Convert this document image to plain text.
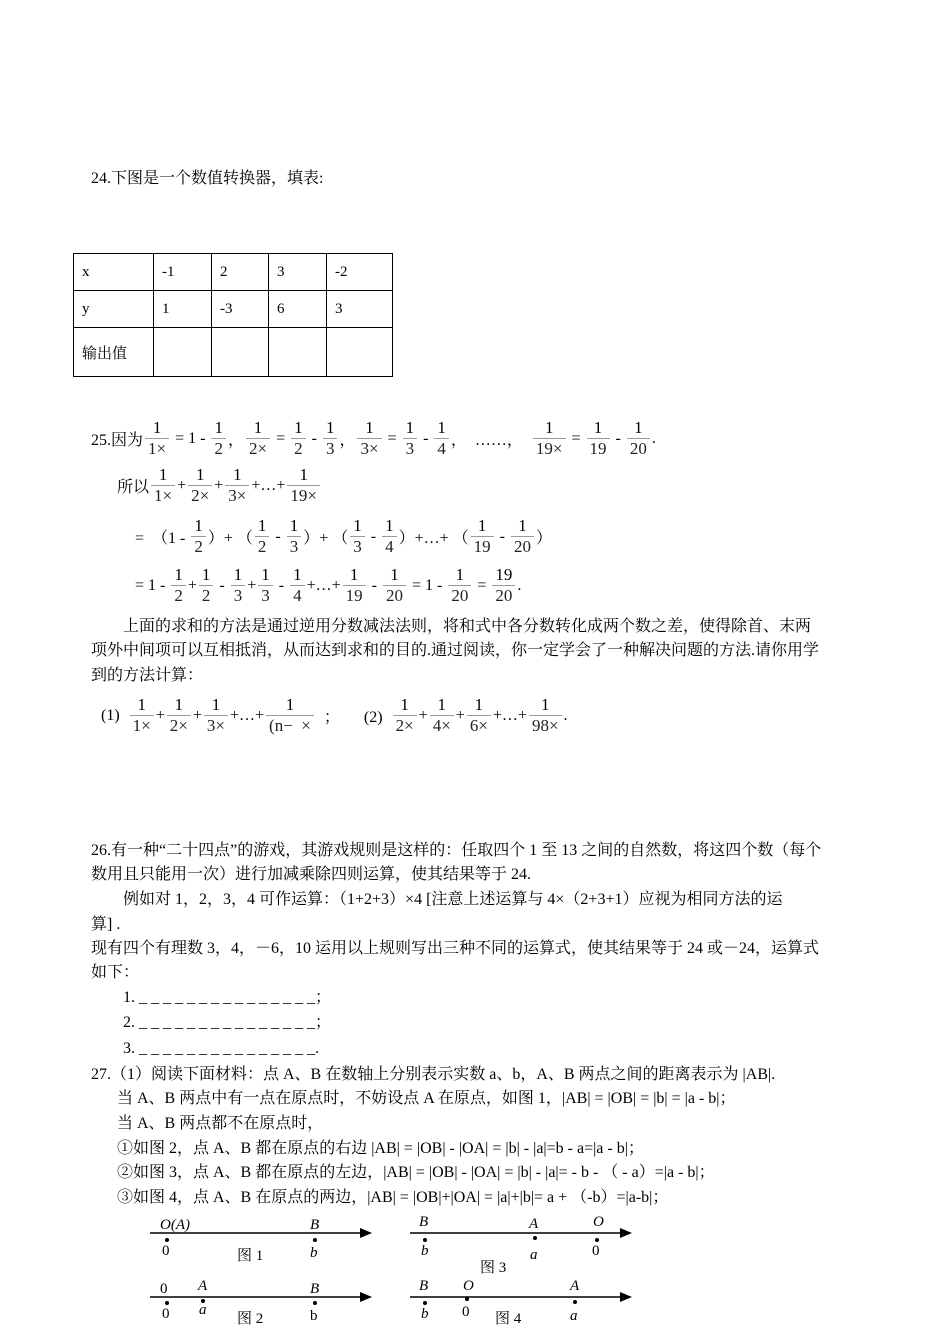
24.下图是一个数值转换器，填表:
x	-1	2	3	-2
y	1	-3	6	3
输出值				
25.因为 $\frac{1}{1\times} = 1 - \frac{1}{2}$ ， $\frac{1}{2\times} = \frac{1}{2} - \frac{1}{3}$ ， $\frac{1}{3\times} = \frac{1}{3} - \frac{1}{4}$ ，  ……， $\frac{1}{19\times} = \frac{1}{19} - \frac{1}{20}$ .
所以 $\frac{1}{1\times} + \frac{1}{2\times} + \frac{1}{3\times}$ +…+ $\frac{1}{19\times}$
=  （$1 - \frac{1}{2}$ ）+ （ $\frac{1}{2} - \frac{1}{3}$ ）+ （ $\frac{1}{3} - \frac{1}{4}$ ）+…+ （ $\frac{1}{19} - \frac{1}{20}$ ）
= $1 - \frac{1}{2} + \frac{1}{2} - \frac{1}{3} + \frac{1}{3} - \frac{1}{4}$ +…+ $\frac{1}{19} - \frac{1}{20} = 1 - \frac{1}{20} = \frac{19}{20}$ .
上面的求和的方法是通过逆用分数减法法则，将和式中各分数转化成两个数之差，使得除首、末两
项外中间项可以互相抵消，从而达到求和的目的.通过阅读，你一定学会了一种解决问题的方法.请你用学
到的方法计算：
$(1) \frac{1}{1\times} + \frac{1}{2\times} + \frac{1}{3\times}$ +…+ $\frac{1}{(n- \times}$ ；      $(2) \frac{1}{2\times} + \frac{1}{4\times} + \frac{1}{6\times}$ +…+ $\frac{1}{98\times}$ .
26.有一种“二十四点”的游戏，其游戏规则是这样的：任取四个 1 至 13 之间的自然数，将这四个数（每个
数用且只能用一次）进行加减乘除四则运算，使其结果等于 24.
例如对 1，2，3，4 可作运算：（1+2+3）×4 [注意上述运算与 4×（2+3+1）应视为相同方法的运
算] .
现有四个有理数 3，4，－6，10 运用以上规则写出三种不同的运算式，使其结果等于 24 或－24，运算式
如下：
1. _ _ _ _ _ _ _ _ _ _ _ _ _ _ _；
2. _ _ _ _ _ _ _ _ _ _ _ _ _ _ _；
3. _ _ _ _ _ _ _ _ _ _ _ _ _ _ _.
27.（1）阅读下面材料：点 A、B 在数轴上分别表示实数 a、b，A、B 两点之间的距离表示为 |AB|.
当 A、B 两点中有一点在原点时，不妨设点 A 在原点，如图 1，|AB| = |OB| = |b| = |a - b|；
当 A、B 两点都不在原点时，
①如图 2，点 A、B 都在原点的右边 |AB| = |OB| - |OA| = |b| - |a|=b - a=|a - b|；
②如图 3，点 A、B 都在原点的左边，|AB| = |OB| - |OA| = |b| - |a|= - b - （ - a）=|a - b|；
③如图 4，点 A、B 在原点的两边，|AB| = |OB|+|OA| = |a|+|b|= a + （-b）=|a-b|；
O(A)
0
B
b
图 1
0
0
A
a
B
b
图 2
B
b
A
a
O
0
图 3
B
b
O
0
A
a
图 4
